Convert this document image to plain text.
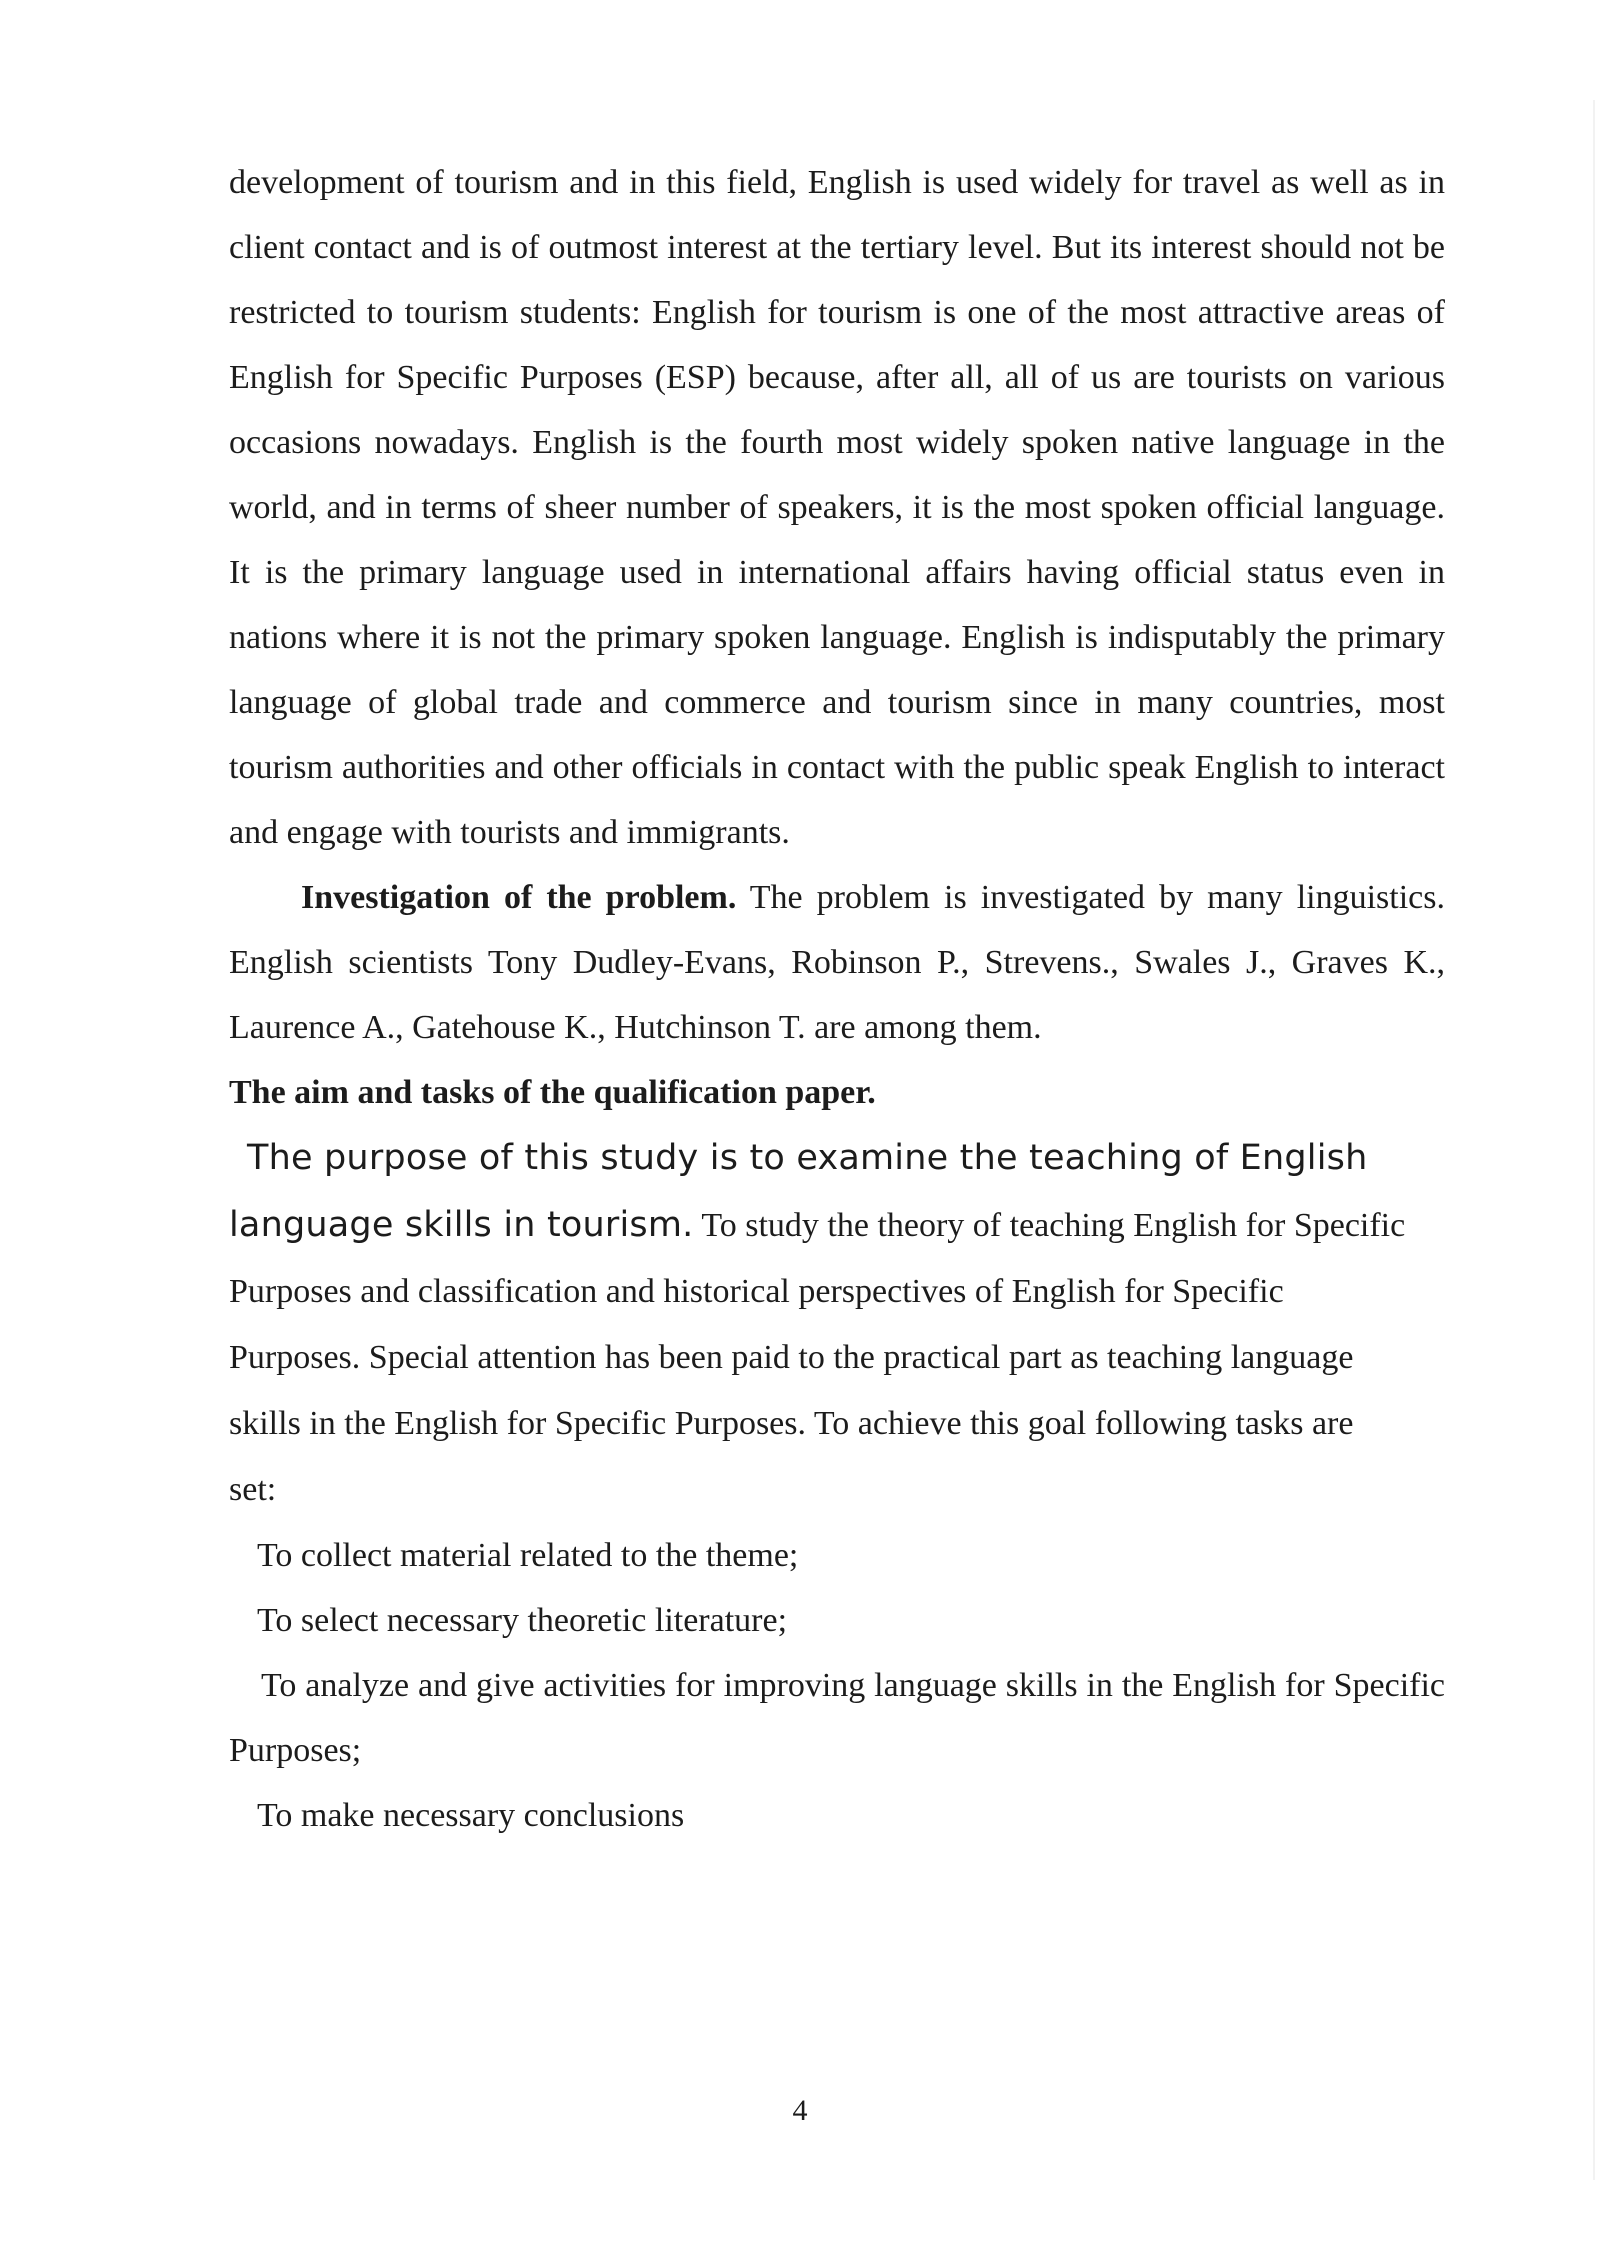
development of tourism and in this field, English is used widely for travel as well as in client contact and is of outmost interest at the tertiary level. But its interest should not be restricted to tourism students: English for tourism is one of the most attractive areas of English for Specific Purposes (ESP) because, after all, all of us are tourists on various occasions nowadays. English is the fourth most widely spoken native language in the world, and in terms of sheer number of speakers, it is the most spoken official language. It is the primary language used in international affairs having official status even in nations where it is not the primary spoken language. English is indisputably the primary language of global trade and commerce and tourism since in many countries, most tourism authorities and other officials in contact with the public speak English to interact and engage with tourists and immigrants.

Investigation of the problem. The problem is investigated by many linguistics. English scientists Tony Dudley-Evans, Robinson P., Strevens., Swales J., Graves K., Laurence A., Gatehouse K., Hutchinson T. are among them.

The aim and tasks of the qualification paper.

The purpose of this study is to examine the teaching of English language skills in tourism. To study the theory of teaching English for Specific Purposes and classification and historical perspectives of English for Specific Purposes. Special attention has been paid to the practical part as teaching language skills in the English for Specific Purposes. To achieve this goal following tasks are set:

To collect material related to the theme;

To select necessary theoretic literature;

To analyze and give activities for improving language skills in the English for Specific Purposes;

To make necessary conclusions

4
